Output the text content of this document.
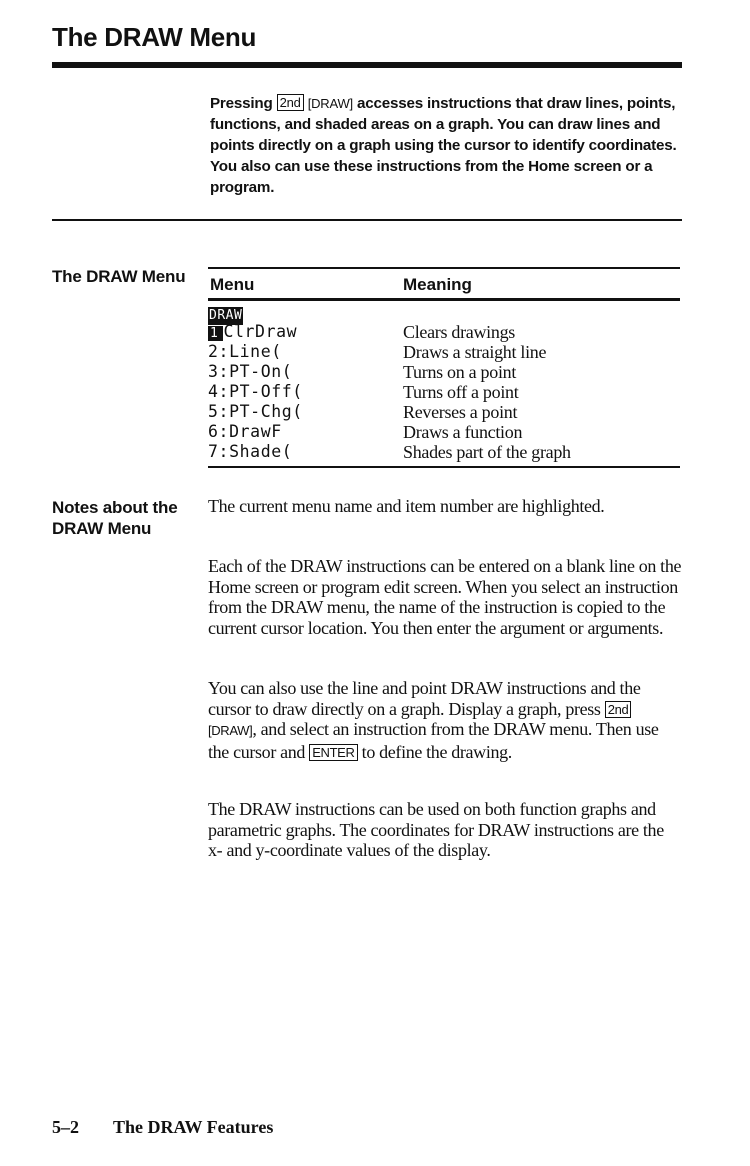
The DRAW Menu
Pressing 2nd [DRAW] accesses instructions that draw lines, points, functions, and shaded areas on a graph. You can draw lines and points directly on a graph using the cursor to identify coordinates. You also can use these instructions from the Home screen or a program.
The DRAW Menu Menu	Meaning
DRAW
1 ClrDraw	Clears drawings
2:Line(	Draws a straight line
3:PT-On(	Turns on a point
4:PT-Off(	Turns off a point
5:PT-Chg(	Reverses a point
6:DrawF	Draws a function
7:Shade(	Shades part of the graph
Notes about the
DRAW Menu
The current menu name and item number are highlighted.
Each of the DRAW instructions can be entered on a blank line on the Home screen or program edit screen. When you select an instruction from the DRAW menu, the name of the instruction is copied to the current cursor location. You then enter the argument or arguments.
You can also use the line and point DRAW instructions and the cursor to draw directly on a graph. Display a graph, press 2nd [DRAW], and select an instruction from the DRAW menu. Then use the cursor and ENTER to define the drawing.
The DRAW instructions can be used on both function graphs and parametric graphs. The coordinates for DRAW instructions are the x- and y-coordinate values of the display.
5–2 The DRAW Features
